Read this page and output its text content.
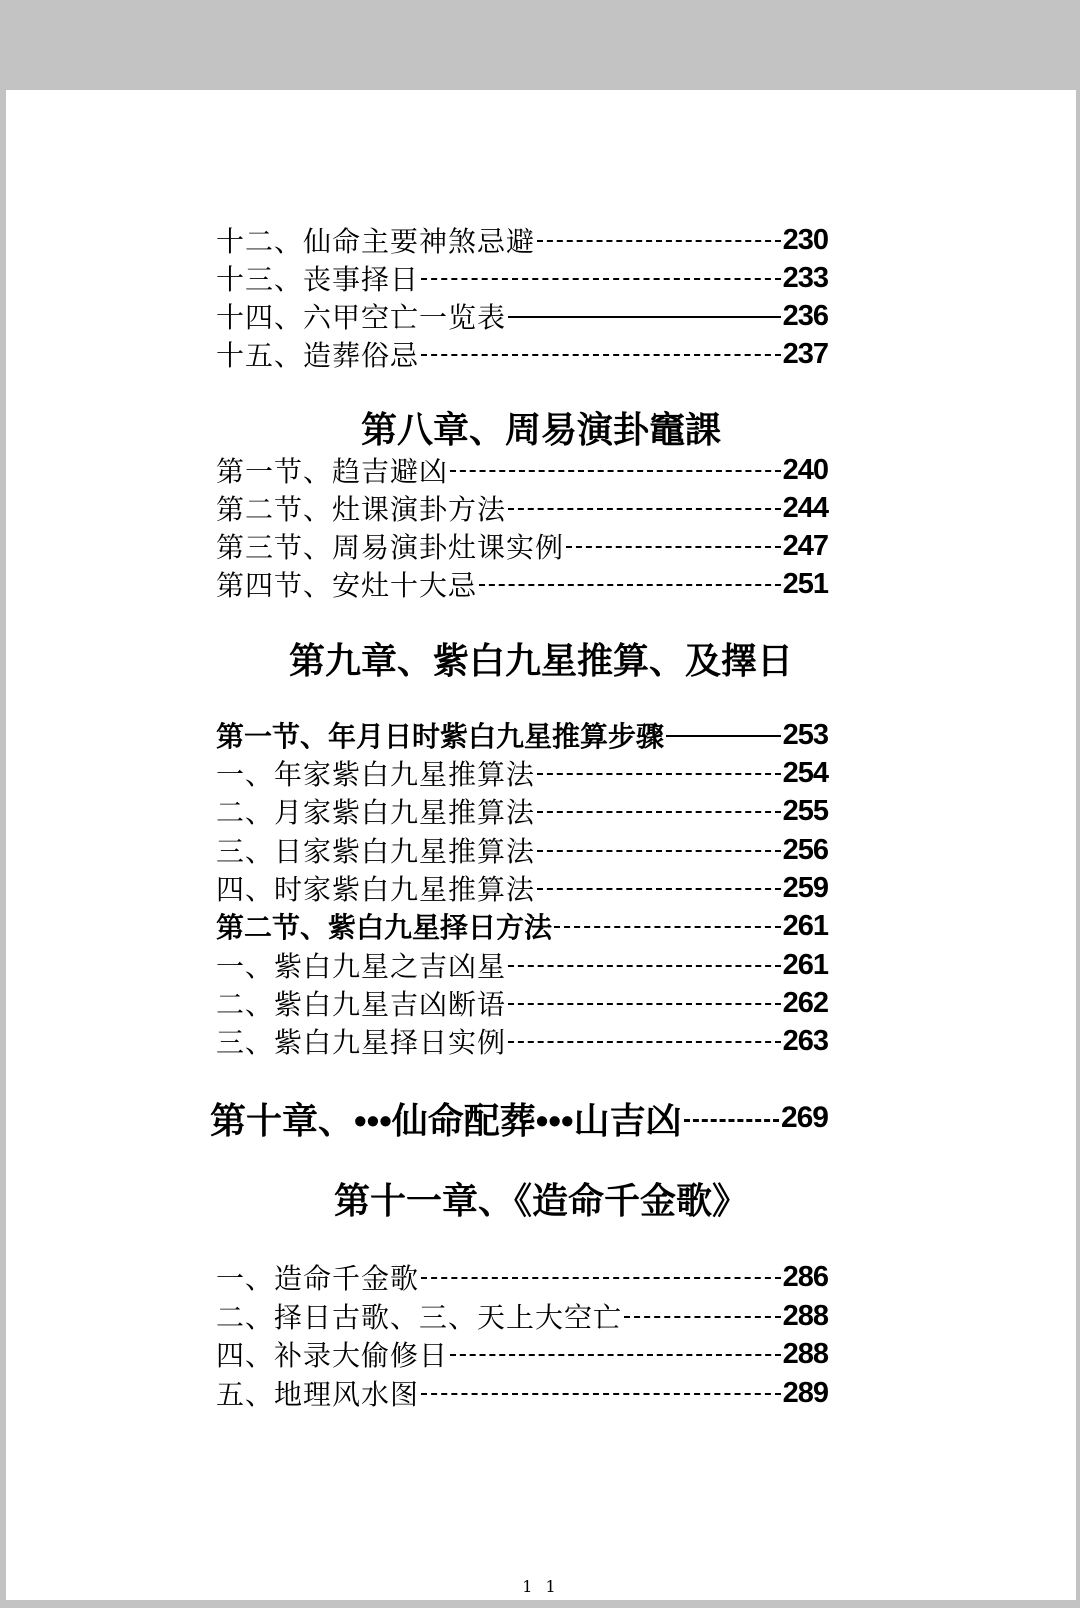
十二、仙命主要神煞忌避	230
十三、丧事择日	233
十四、六甲空亡一览表	236
十五、造葬俗忌	237
第八章、周易演卦竈課
第一节、趋吉避凶	240
第二节、灶课演卦方法	244
第三节、周易演卦灶课实例	247
第四节、安灶十大忌	251
第九章、紫白九星推算、及擇日
第一节、年月日时紫白九星推算步骤	253
一、年家紫白九星推算法	254
二、月家紫白九星推算法	255
三、日家紫白九星推算法	256
四、时家紫白九星推算法	259
第二节、紫白九星择日方法	261
一、紫白九星之吉凶星	261
二、紫白九星吉凶断语	262
三、紫白九星择日实例	263
第十章、•••仙命配葬•••山吉凶	269
第十一章、《造命千金歌》
一、造命千金歌	286
二、择日古歌、三、天上大空亡	288
四、补录大偷修日	288
五、地理风水图	289
1 1
